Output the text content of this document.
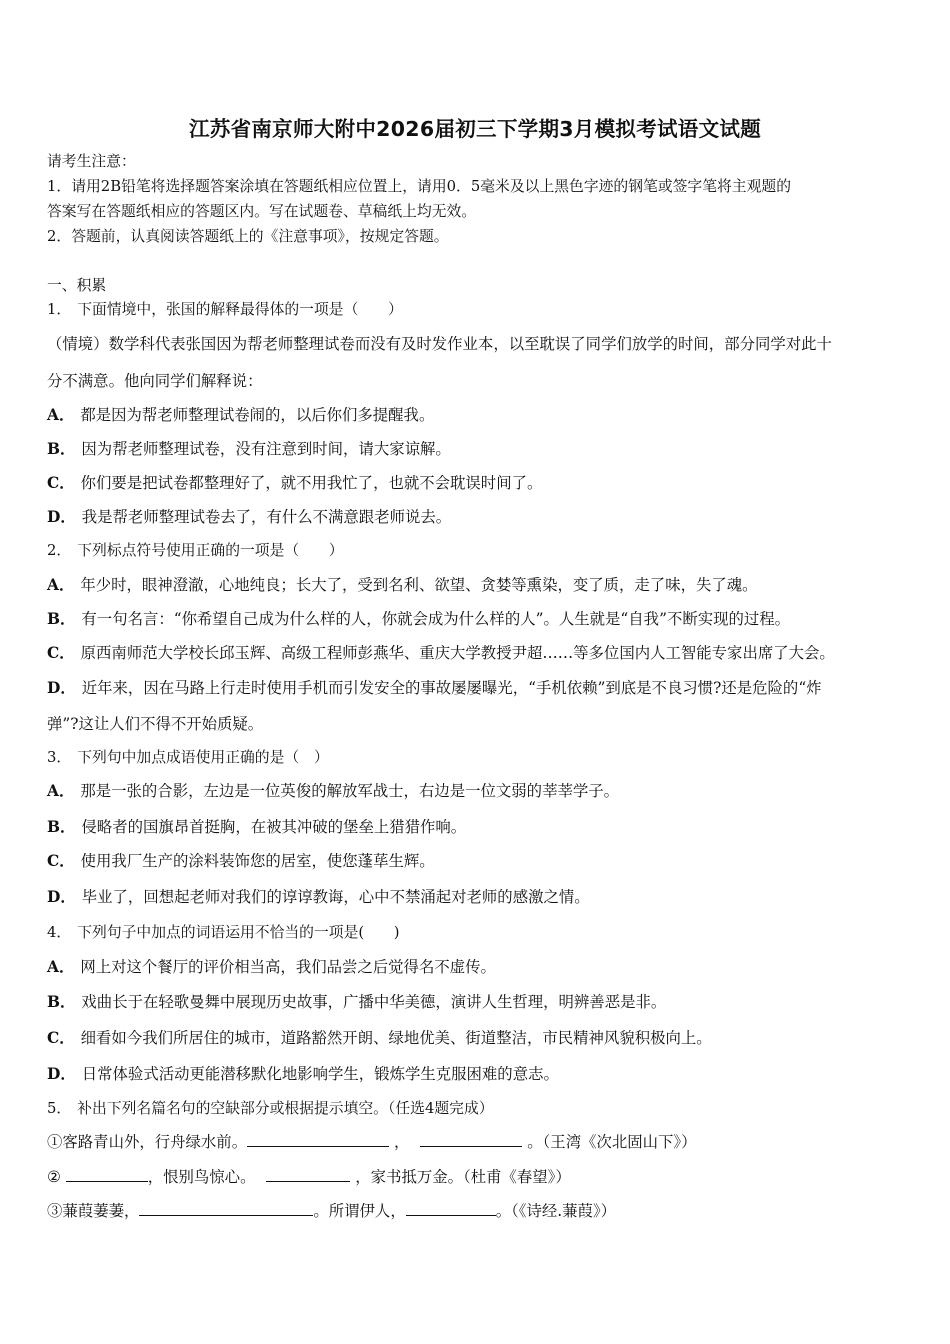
江苏省南京师大附中2026届初三下学期3月模拟考试语文试题
请考生注意：
1．请用2B铅笔将选择题答案涂填在答题纸相应位置上，请用0．5毫米及以上黑色字迹的钢笔或签字笔将主观题的
答案写在答题纸相应的答题区内。写在试题卷、草稿纸上均无效。
2．答题前，认真阅读答题纸上的《注意事项》，按规定答题。
一、积累
1． 下面情境中，张国的解释最得体的一项是（　　）
（情境）数学科代表张国因为帮老师整理试卷而没有及时发作业本，以至耽误了同学们放学的时间，部分同学对此十
分不满意。他向同学们解释说：
A． 都是因为帮老师整理试卷闹的，以后你们多提醒我。
B． 因为帮老师整理试卷，没有注意到时间，请大家谅解。
C． 你们要是把试卷都整理好了，就不用我忙了，也就不会耽误时间了。
D． 我是帮老师整理试卷去了，有什么不满意跟老师说去。
2． 下列标点符号使用正确的一项是（　　）
A． 年少时，眼神澄澈，心地纯良；长大了，受到名利、欲望、贪婪等熏染，变了质，走了味，失了魂。
B． 有一句名言：“你希望自己成为什么样的人，你就会成为什么样的人”。人生就是“自我”不断实现的过程。
C． 原西南师范大学校长邱玉辉、高级工程师彭燕华、重庆大学教授尹超……等多位国内人工智能专家出席了大会。
D． 近年来，因在马路上行走时使用手机而引发安全的事故屡屡曝光，“手机依赖”到底是不良习惯?还是危险的“炸
弹”?这让人们不得不开始质疑。
3． 下列句中加点成语使用正确的是（　）
A． 那是一张的合影，左边是一位英俊的解放军战士，右边是一位文弱的莘莘学子。
B． 侵略者的国旗昂首挺胸，在被其冲破的堡垒上猎猎作响。
C． 使用我厂生产的涂料装饰您的居室，使您蓬荜生辉。
D． 毕业了，回想起老师对我们的谆谆教诲，心中不禁涌起对老师的感激之情。
4． 下列句子中加点的词语运用不恰当的一项是(　　)
A． 网上对这个餐厅的评价相当高，我们品尝之后觉得名不虚传。
B． 戏曲长于在轻歌曼舞中展现历史故事，广播中华美德，演讲人生哲理，明辨善恶是非。
C． 细看如今我们所居住的城市，道路豁然开朗、绿地优美、街道整洁，市民精神风貌积极向上。
D． 日常体验式活动更能潜移默化地影响学生，锻炼学生克服困难的意志。
5． 补出下列名篇名句的空缺部分或根据提示填空。（任选4题完成）
①客路青山外，行舟绿水前。	，	。（王湾《次北固山下》）
②	，恨别鸟惊心。	，家书抵万金。（杜甫《春望》）
③蒹葭萋萋，	。所谓伊人，	。（《诗经.蒹葭》）
